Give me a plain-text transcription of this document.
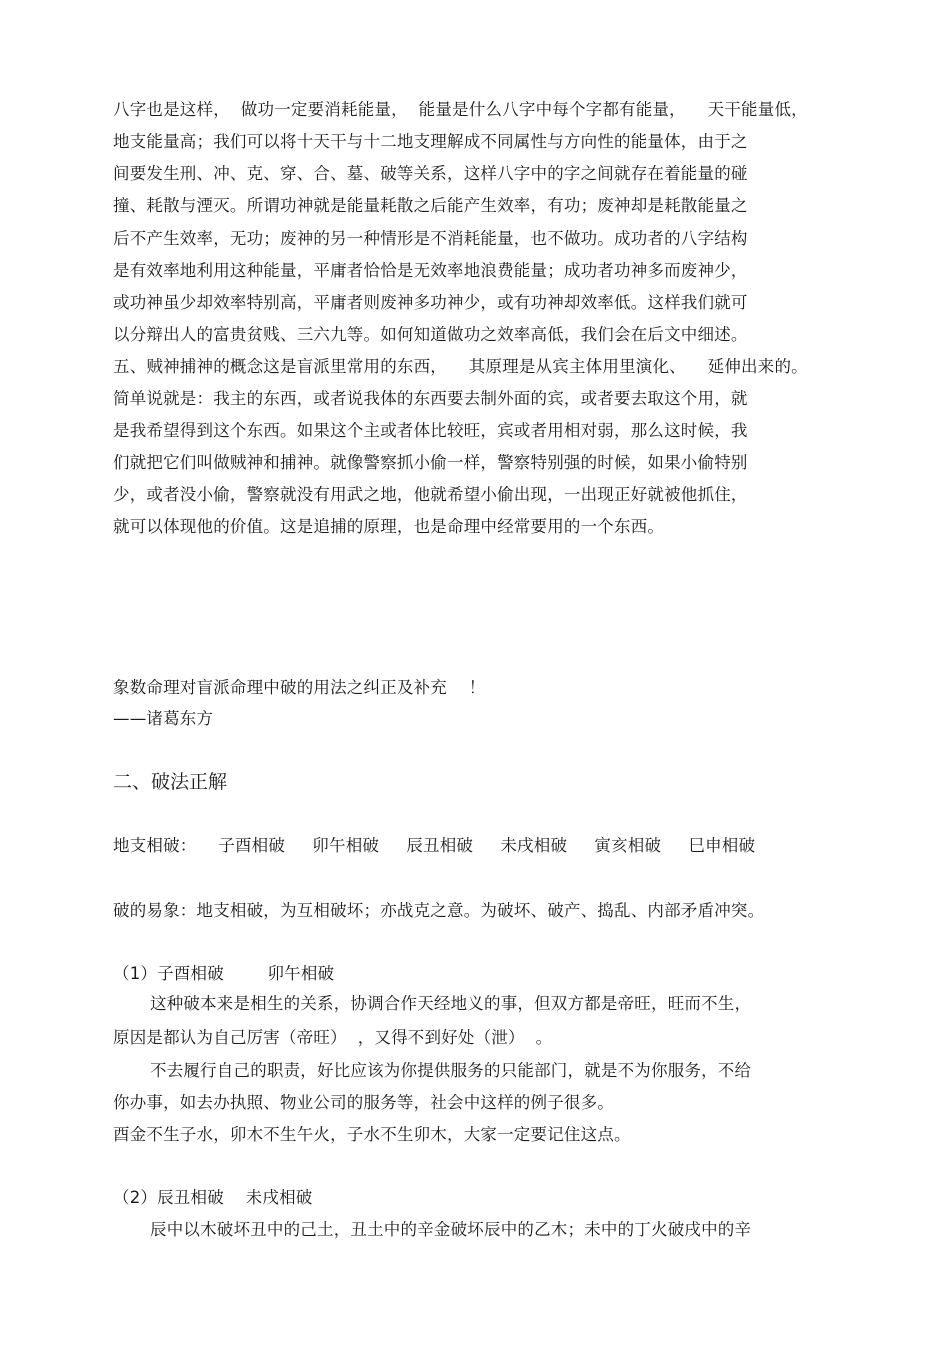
八字也是这样，  做功一定要消耗能量，  能量是什么八字中每个字都有能量，    天干能量低，
地支能量高；我们可以将十天干与十二地支理解成不同属性与方向性的能量体，由于之
间要发生刑、冲、克、穿、合、墓、破等关系，这样八字中的字之间就存在着能量的碰
撞、耗散与湮灭。所谓功神就是能量耗散之后能产生效率，有功；废神却是耗散能量之
后不产生效率，无功；废神的另一种情形是不消耗能量，也不做功。成功者的八字结构
是有效率地利用这种能量，平庸者恰恰是无效率地浪费能量；成功者功神多而废神少，
或功神虽少却效率特别高，平庸者则废神多功神少，或有功神却效率低。这样我们就可
以分辩出人的富贵贫贱、三六九等。如何知道做功之效率高低，我们会在后文中细述。
五、贼神捕神的概念这是盲派里常用的东西，    其原理是从宾主体用里演化、    延伸出来的。
简单说就是：我主的东西，或者说我体的东西要去制外面的宾，或者要去取这个用，就
是我希望得到这个东西。如果这个主或者体比较旺，宾或者用相对弱，那么这时候，我
们就把它们叫做贼神和捕神。就像警察抓小偷一样，警察特别强的时候，如果小偷特别
少，或者没小偷，警察就没有用武之地，他就希望小偷出现，一出现正好就被他抓住，
就可以体现他的价值。这是追捕的原理，也是命理中经常要用的一个东西。
象数命理对盲派命理中破的用法之纠正及补充    ！
——诸葛东方
二、破法正解
地支相破：    子酉相破     卯午相破     辰丑相破     未戌相破     寅亥相破     巳申相破
破的易象：地支相破，为互相破坏；亦战克之意。为破坏、破产、捣乱、内部矛盾冲突。
（1）子酉相破        卯午相破
这种破本来是相生的关系，协调合作天经地义的事，但双方都是帝旺，旺而不生，
原因是都认为自己厉害（帝旺）  ，又得不到好处（泄）  。
不去履行自己的职责，好比应该为你提供服务的只能部门，就是不为你服务，不给
你办事，如去办执照、物业公司的服务等，社会中这样的例子很多。
酉金不生子水，卯木不生午火，子水不生卯木，大家一定要记住这点。
（2）辰丑相破    未戌相破
辰中以木破坏丑中的己土，丑土中的辛金破坏辰中的乙木；未中的丁火破戌中的辛
